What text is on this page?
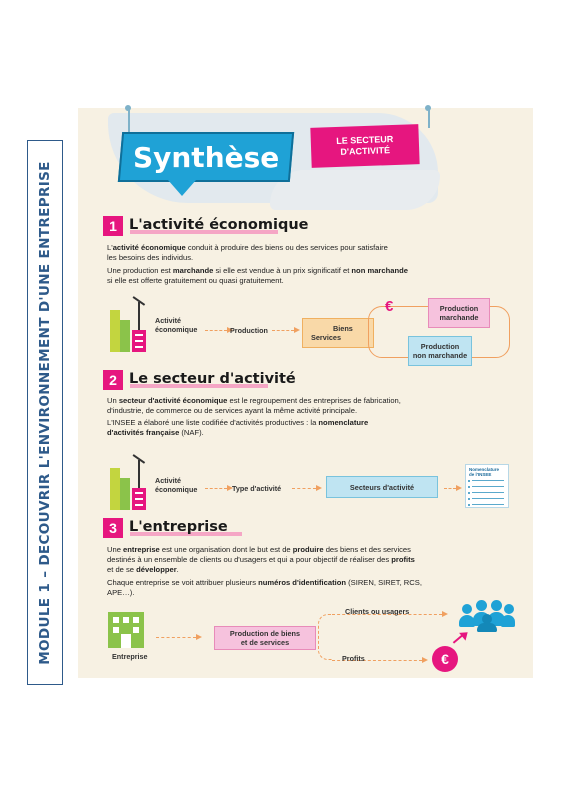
MODULE 1 – DECOUVRIR L'ENVIRONNEMENT D'UNE ENTREPRISE
Synthèse
LE SECTEUR
D'ACTIVITÉ
1 L'activité économique
L'activité économique conduit à produire des biens ou des services pour satisfaire
les besoins des individus.
Une production est marchande si elle est vendue à un prix significatif et non marchande
si elle est offerte gratuitement ou quasi gratuitement.
Activité
économique	Production	Biens
Services
€	Production
marchande
Production
non marchande
2 Le secteur d'activité
Un secteur d'activité économique est le regroupement des entreprises de fabrication,
d'industrie, de commerce ou de services ayant la même activité principale.
L'INSEE a élaboré une liste codifiée d'activités productives : la nomenclature
d'activités française (NAF).
Activité
économique	Type d'activité	Secteurs d'activité
Nomenclature
de l'INSEE
3 L'entreprise
Une entreprise est une organisation dont le but est de produire des biens et des services
destinés à un ensemble de clients ou d'usagers et qui a pour objectif de réaliser des profits
et de se développer.
Chaque entreprise se voit attribuer plusieurs numéros d'identification (SIREN, SIRET, RCS,
APE…).
Entreprise
Production de biens
et de services
Clients ou usagers
Profits	€
